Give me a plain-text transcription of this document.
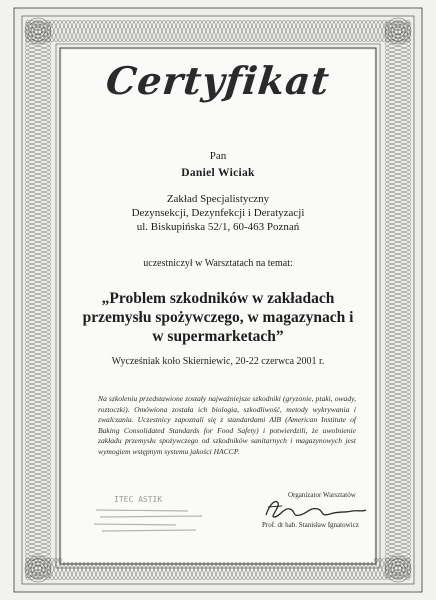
Certyfikat
Pan
Daniel Wiciak
Zakład Specjalistyczny
Dezynsekcji, Dezynfekcji i Deratyzacji
ul. Biskupińska 52/1, 60-463 Poznań
uczestniczył w Warsztatach na temat:
„Problem szkodników w zakładach przemysłu spożywczego, w magazynach i w supermarketach”
Wycześniak koło Skierniewic, 20-22 czerwca 2001 r.
Na szkoleniu przedstawione zostały najważniejsze szkodniki (gryzonie, ptaki, owady, roztoczki). Omówiona została ich biologia, szkodliwość, metody wykrywania i zwalczania. Uczestnicy zapoznali się z standardami AIB (American Institute of Baking Consolidated Standards for Food Safety) i potwierdzili, że uwolnienie zakładu przemysłu spożywczego od szkodników sanitarnych i magazynowych jest wymogiem wstępnym systemu jakości HACCP.
ITEC ASTIK	Organizator Warsztatów
Prof. dr hab. Stanisław Ignatowicz
